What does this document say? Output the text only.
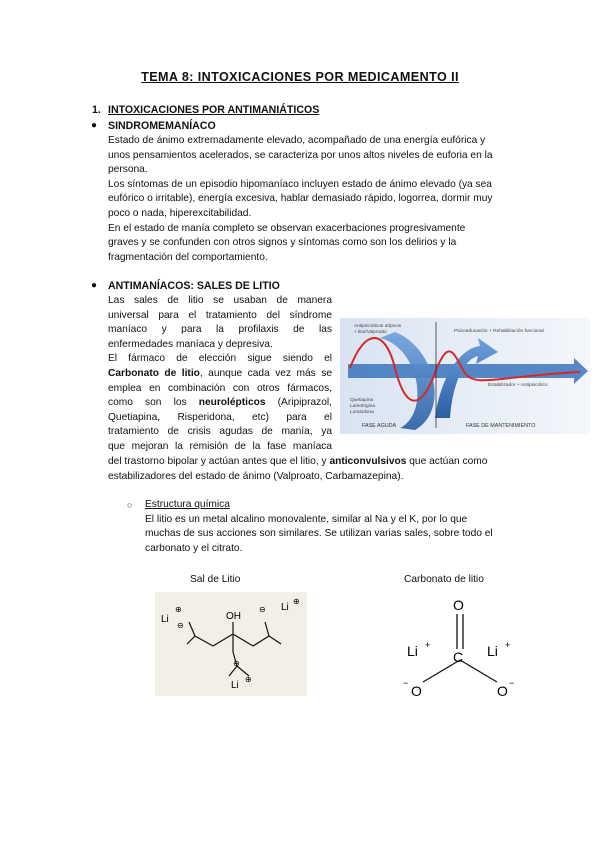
TEMA 8: INTOXICACIONES POR MEDICAMENTO II
1. INTOXICACIONES POR ANTIMANIÁTICOS
● SINDROMEMANÍACO

Estado de ánimo extremadamente elevado, acompañado de una energía eufórica y

unos pensamientos acelerados, se caracteriza por unos altos niveles de euforia en la

persona.

Los síntomas de un episodio hipomaníaco incluyen estado de ánimo elevado (ya sea

eufórico o irritable), energía excesiva, hablar demasiado rápido, logorrea, dormir muy

poco o nada, hiperexcitabilidad.

En el estado de manía completo se observan exacerbaciones progresivamente

graves y se confunden con otros signos y síntomas como son los delirios y la

fragmentación del comportamiento.

● ANTIMANÍACOS: SALES DE LITIO

Las sales de litio se usaban de manera

universal para el tratamiento del síndrome

maníaco y para la profilaxis de las

enfermedades maníaca y depresiva.

El fármaco de elección sigue siendo el

Carbonato de litio, aunque cada vez más se

emplea en combinación con otros fármacos,

como son los neurolépticos (Aripiprazol,

Quetiapina, Risperidona, etc) para el

tratamiento de crisis agudas de manía, ya

que mejoran la remisión de la fase maníaca

del trastorno bipolar y actúan antes que el litio, y anticonvulsivos que actúan como

estabilizadores del estado de ánimo (Valproato, Carbamazepina).

Antipsicóticos atípicos
+ litio/Valproato	Psicoeducación + Rehabilitación funcional
Estabilizador + Antipsicótico
Quetiapina
Lamotrigina
Lurasidona
FASE AGUDA	FASE DE MANTENIMIENTO
○ Estructura química

El litio es un metal alcalino monovalente, similar al Na y el K, por lo que

muchas de sus acciones son similares. Se utilizan varias sales, sobre todo el

carbonato y el citrato.

Sal de Litio	Carbonato de litio
OH
Li
Li
Li
⊕
⊕
⊕
⊖
⊖
⊖
O
C
O	O
−	−
Li +	Li +
